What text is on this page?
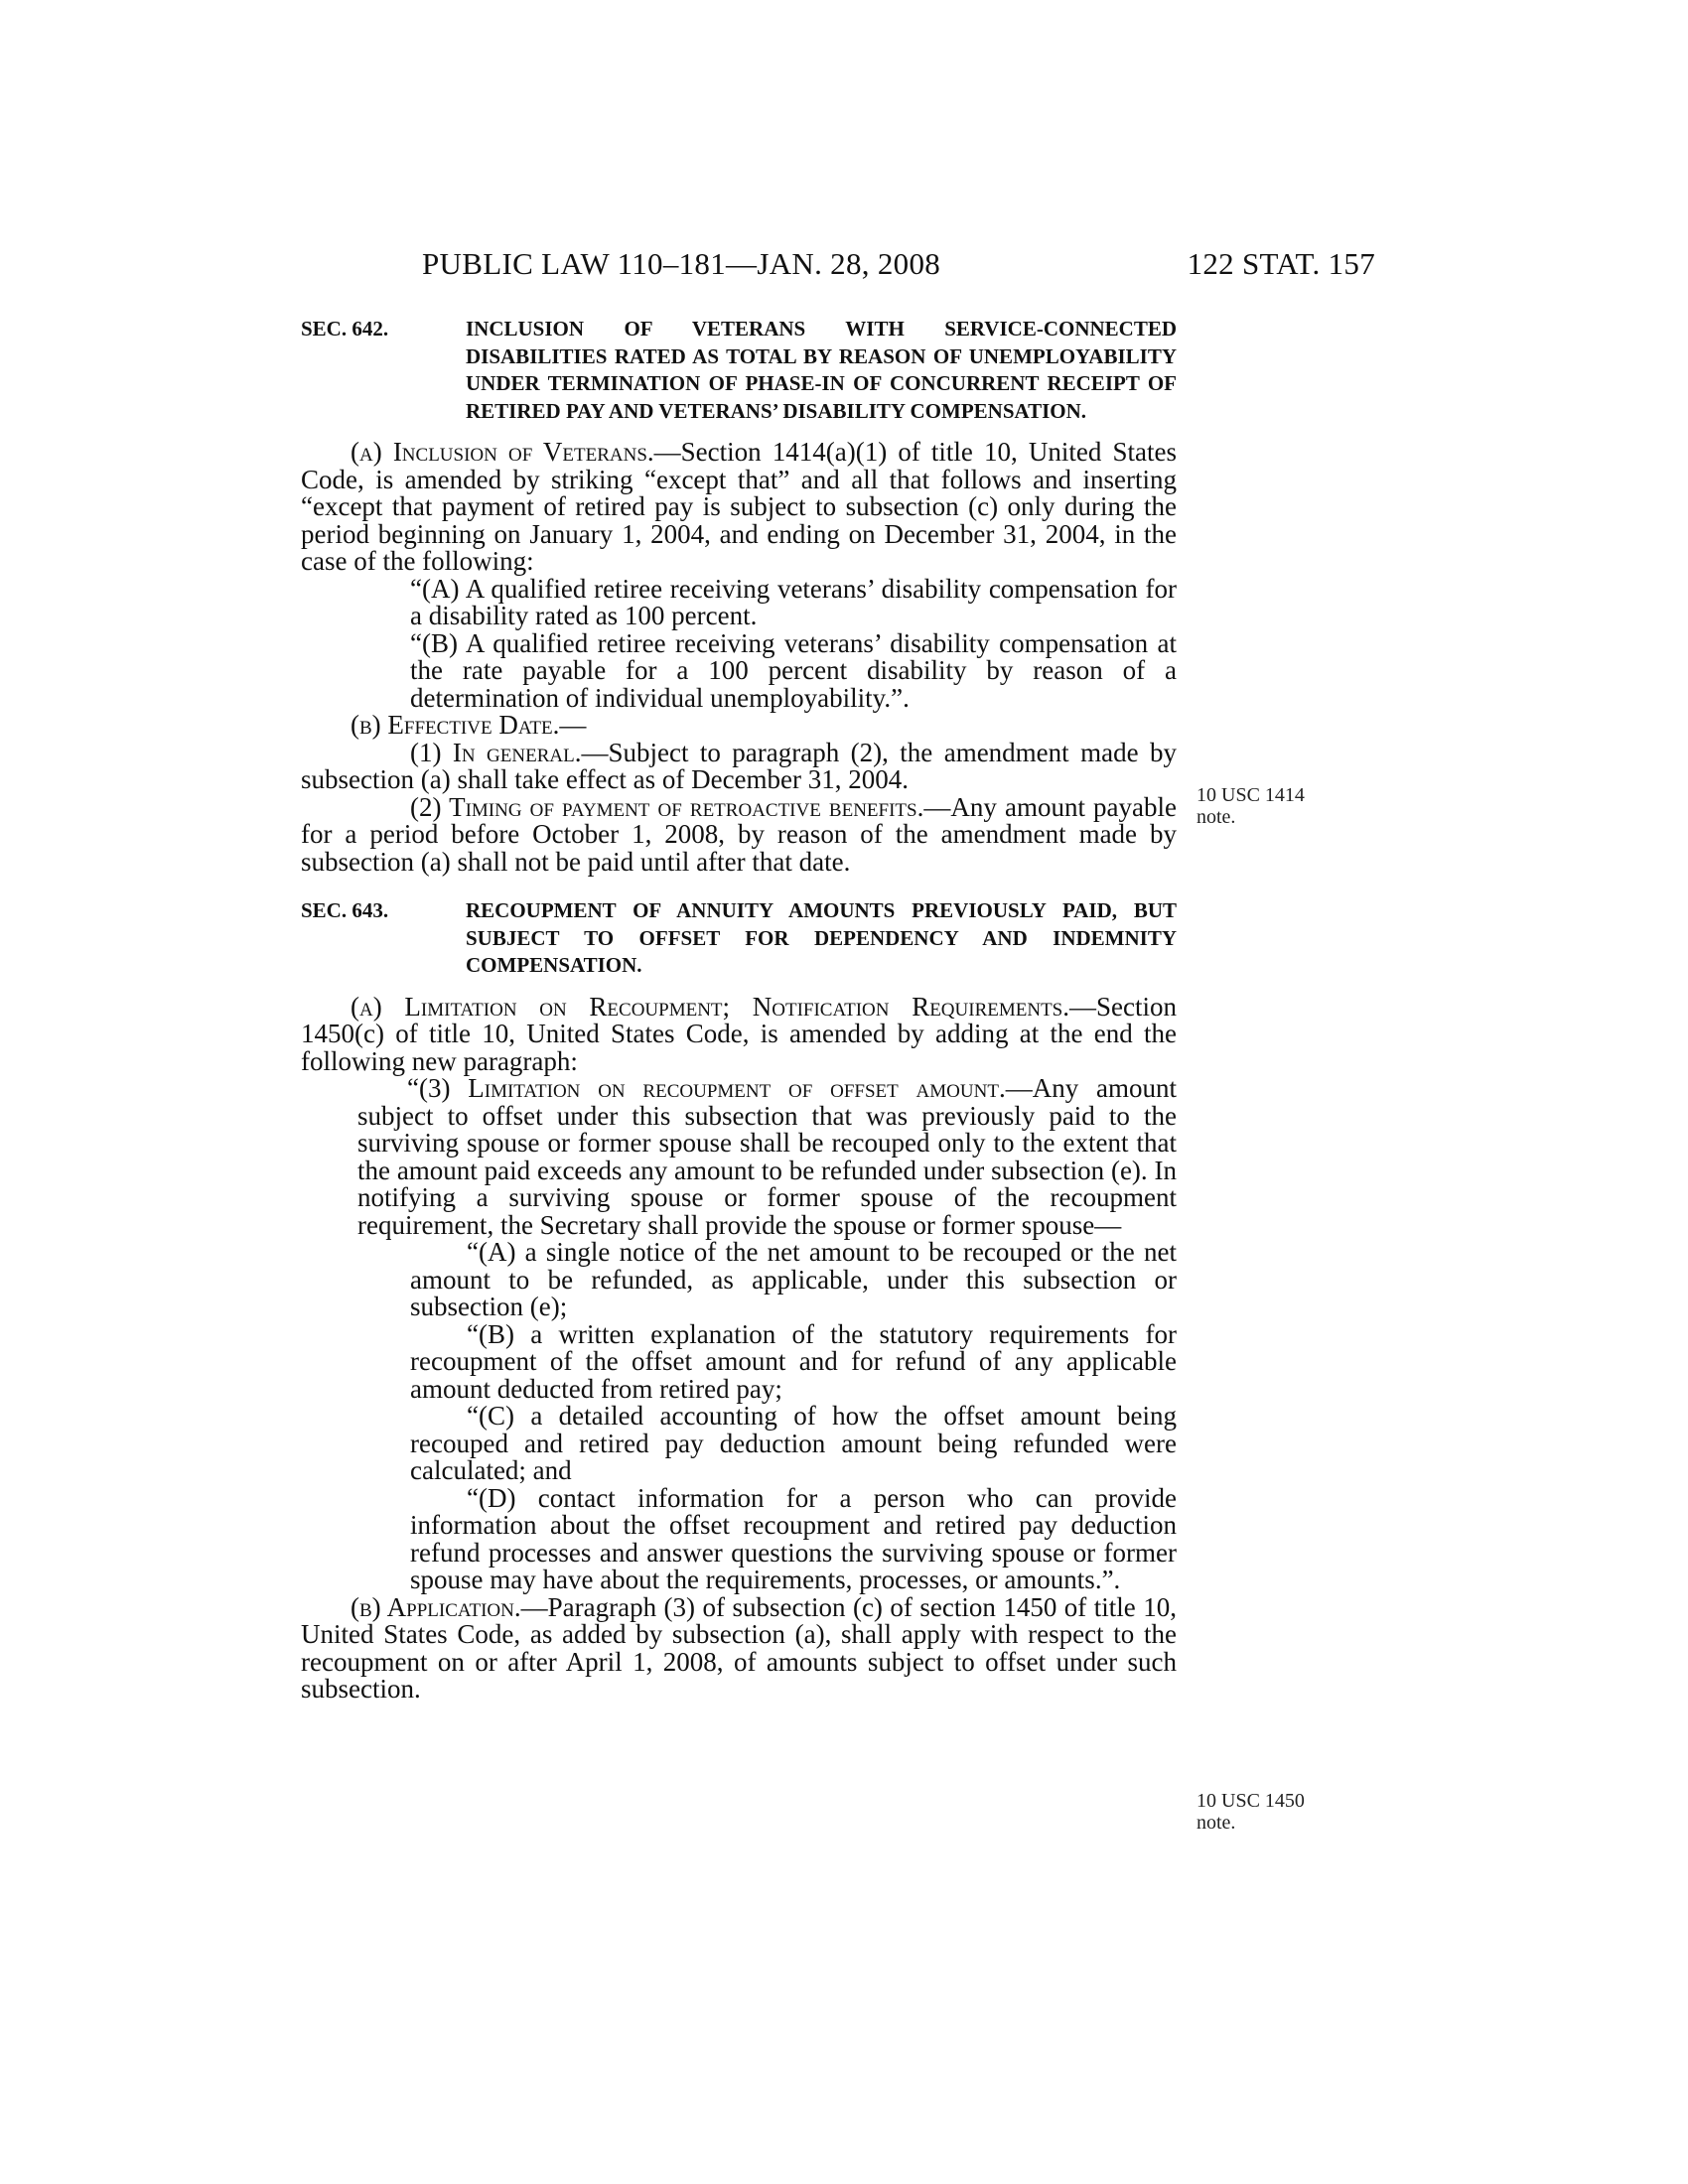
PUBLIC LAW 110–181—JAN. 28, 2008	122 STAT. 157
SEC. 642.	INCLUSION OF VETERANS WITH SERVICE-CONNECTED DISABILITIES RATED AS TOTAL BY REASON OF UNEMPLOYABILITY UNDER TERMINATION OF PHASE-IN OF CONCURRENT RECEIPT OF RETIRED PAY AND VETERANS’ DISABILITY COMPENSATION.

(a) Inclusion of Veterans.—Section 1414(a)(1) of title 10, United States Code, is amended by striking “except that” and all that follows and inserting “except that payment of retired pay is subject to subsection (c) only during the period beginning on January 1, 2004, and ending on December 31, 2004, in the case of the following:

“(A) A qualified retiree receiving veterans’ disability compensation for a disability rated as 100 percent.

“(B) A qualified retiree receiving veterans’ disability compensation at the rate payable for a 100 percent disability by reason of a determination of individual unemployability.”.

(b) Effective Date.—

(1) In general.—Subject to paragraph (2), the amendment made by subsection (a) shall take effect as of December 31, 2004.

(2) Timing of payment of retroactive benefits.—Any amount payable for a period before October 1, 2008, by reason of the amendment made by subsection (a) shall not be paid until after that date.

SEC. 643.	RECOUPMENT OF ANNUITY AMOUNTS PREVIOUSLY PAID, BUT SUBJECT TO OFFSET FOR DEPENDENCY AND INDEMNITY COMPENSATION.

(a) Limitation on Recoupment; Notification Requirements.—Section 1450(c) of title 10, United States Code, is amended by adding at the end the following new paragraph:

“(3) Limitation on recoupment of offset amount.—Any amount subject to offset under this subsection that was previously paid to the surviving spouse or former spouse shall be recouped only to the extent that the amount paid exceeds any amount to be refunded under subsection (e). In notifying a surviving spouse or former spouse of the recoupment requirement, the Secretary shall provide the spouse or former spouse—

“(A) a single notice of the net amount to be recouped or the net amount to be refunded, as applicable, under this subsection or subsection (e);

“(B) a written explanation of the statutory requirements for recoupment of the offset amount and for refund of any applicable amount deducted from retired pay;

“(C) a detailed accounting of how the offset amount being recouped and retired pay deduction amount being refunded were calculated; and

“(D) contact information for a person who can provide information about the offset recoupment and retired pay deduction refund processes and answer questions the surviving spouse or former spouse may have about the requirements, processes, or amounts.”.

(b) Application.—Paragraph (3) of subsection (c) of section 1450 of title 10, United States Code, as added by subsection (a), shall apply with respect to the recoupment on or after April 1, 2008, of amounts subject to offset under such subsection.

10 USC 1414
note.
10 USC 1450
note.
